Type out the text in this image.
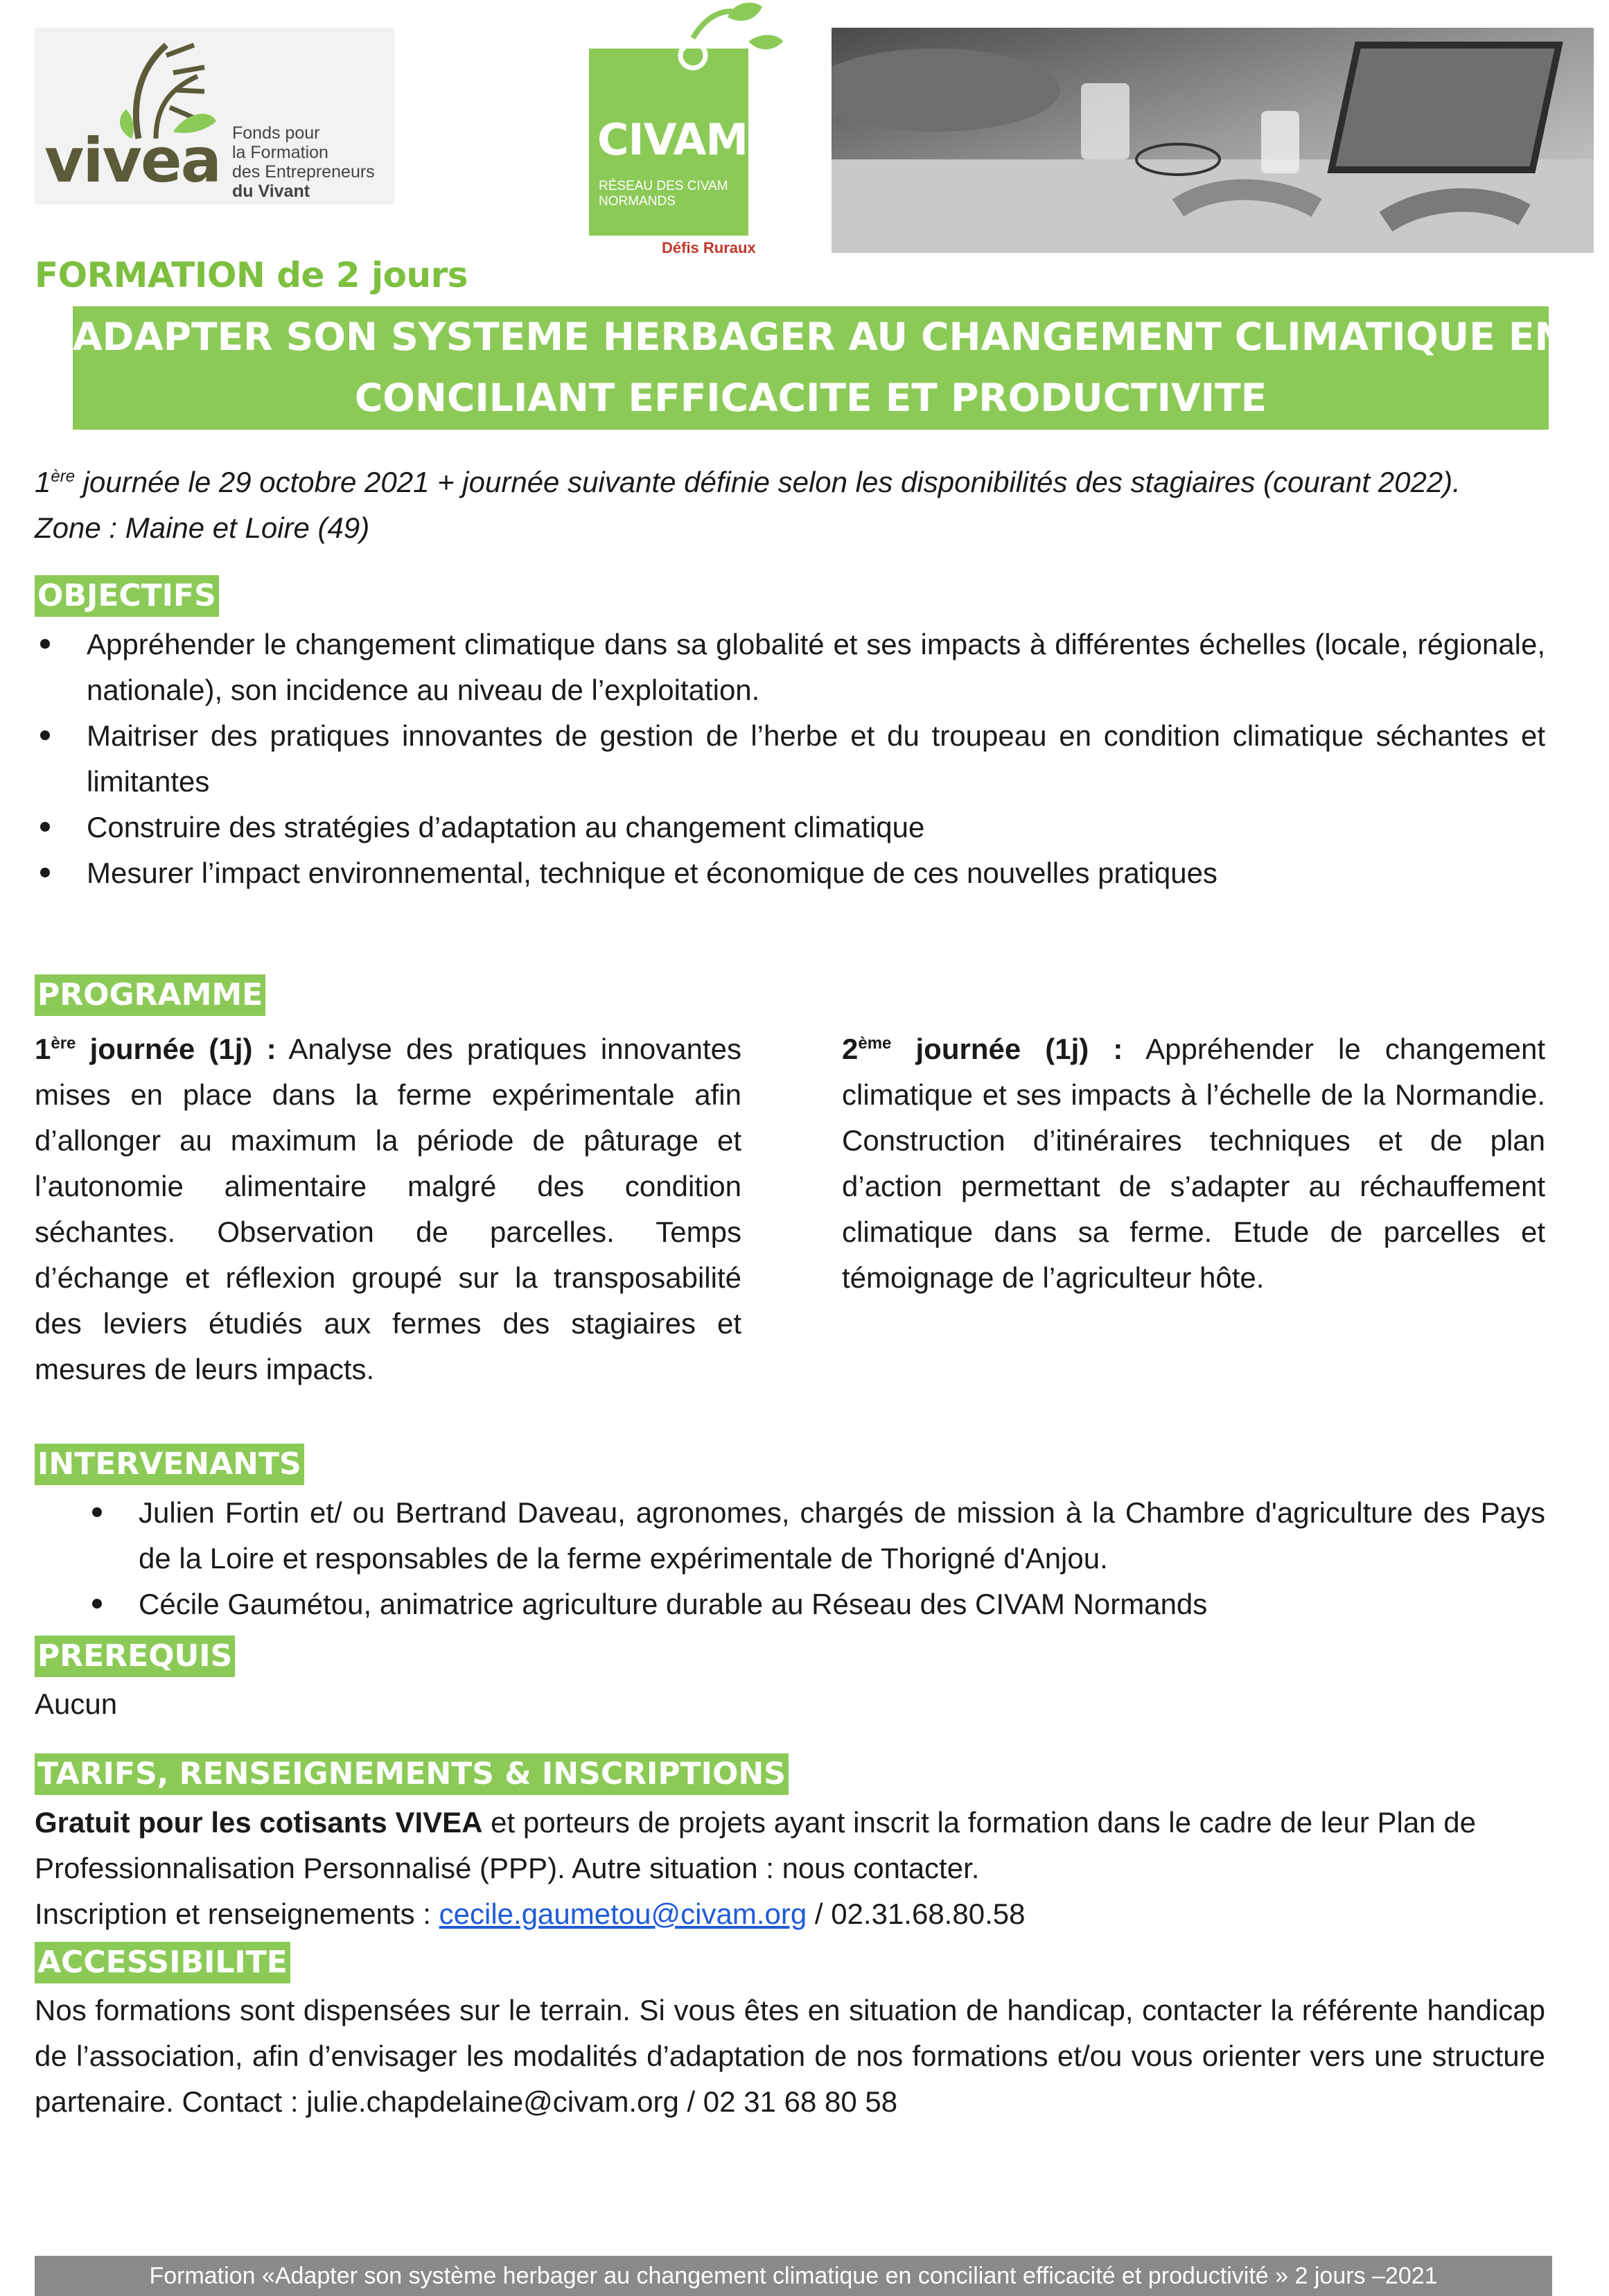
vivea Fonds pour
la Formation
des Entrepreneurs
du Vivant
CIVAM
RÉSEAU DES CIVAM
NORMANDS
Défis Ruraux
FORMATION de 2 jours
ADAPTER SON SYSTEME HERBAGER AU CHANGEMENT CLIMATIQUE EN
CONCILIANT EFFICACITE ET PRODUCTIVITE
1ère journée le 29 octobre 2021 + journée suivante définie selon les disponibilités des stagiaires (courant 2022).
Zone : Maine et Loire (49)
OBJECTIFS
Appréhender le changement climatique dans sa globalité et ses impacts à différentes échelles (locale, régionale, nationale), son incidence au niveau de l’exploitation.
Maitriser des pratiques innovantes de gestion de l’herbe et du troupeau en condition climatique séchantes et limitantes
Construire des stratégies d’adaptation au changement climatique
Mesurer l’impact environnemental, technique et économique de ces nouvelles pratiques
PROGRAMME
1ère journée (1j) : Analyse des pratiques innovantes mises en place dans la ferme expérimentale afin d’allonger au maximum la période de pâturage et l’autonomie alimentaire malgré des condition séchantes. Observation de parcelles. Temps d’échange et réflexion groupé sur la transposabilité des leviers étudiés aux fermes des stagiaires et mesures de leurs impacts.
2ème journée (1j) : Appréhender le changement climatique et ses impacts à l’échelle de la Normandie. Construction d’itinéraires techniques et de plan d’action permettant de s’adapter au réchauffement climatique dans sa ferme. Etude de parcelles et témoignage de l’agriculteur hôte.
INTERVENANTS
Julien Fortin et/ ou Bertrand Daveau, agronomes, chargés de mission à la Chambre d'agriculture des Pays de la Loire et responsables de la ferme expérimentale de Thorigné d'Anjou.
Cécile Gaumétou, animatrice agriculture durable au Réseau des CIVAM Normands
PREREQUIS
Aucun
TARIFS, RENSEIGNEMENTS & INSCRIPTIONS
Gratuit pour les cotisants VIVEA et porteurs de projets ayant inscrit la formation dans le cadre de leur Plan de Professionnalisation Personnalisé (PPP). Autre situation : nous contacter.
Inscription et renseignements : cecile.gaumetou@civam.org / 02.31.68.80.58
ACCESSIBILITE
Nos formations sont dispensées sur le terrain. Si vous êtes en situation de handicap, contacter la référente handicap de l’association, afin d’envisager les modalités d’adaptation de nos formations et/ou vous orienter vers une structure partenaire. Contact : julie.chapdelaine@civam.org / 02 31 68 80 58
Formation «Adapter son système herbager au changement climatique en conciliant efficacité et productivité » 2 jours –2021
